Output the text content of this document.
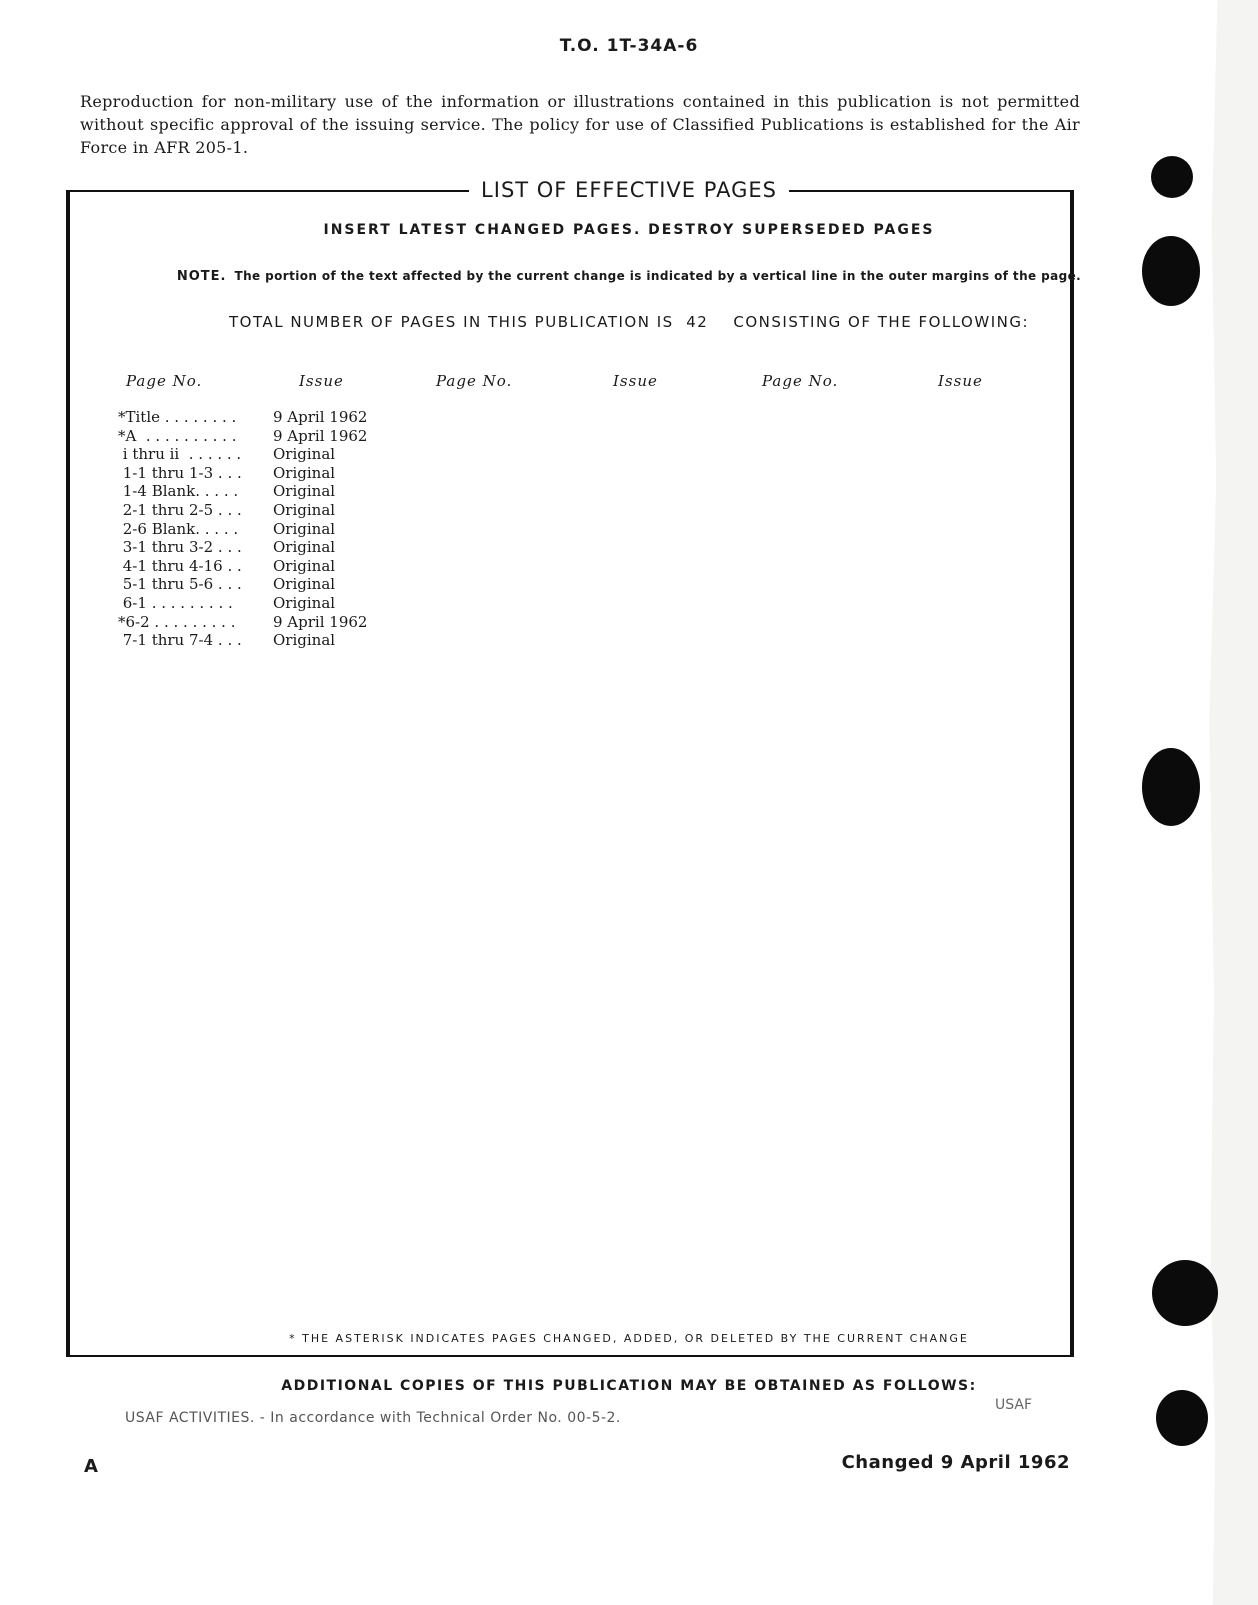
T.O. 1T-34A-6
Reproduction for non-military use of the information or illustrations contained in this publication is not permitted without specific approval of the issuing service. The policy for use of Classified Publications is established for the Air Force in AFR 205-1.
LIST OF EFFECTIVE PAGES
INSERT LATEST CHANGED PAGES. DESTROY SUPERSEDED PAGES
NOTE. The portion of the text affected by the current change is indicated by a vertical line in the outer margins of the page.
TOTAL NUMBER OF PAGES IN THIS PUBLICATION IS 42 CONSISTING OF THE FOLLOWING:
Page No.	Issue	Page No.	Issue	Page No.	Issue
*Title . . . . . . . . 9 April 1962
*A  . . . . . . . . . . 9 April 1962
i thru ii  . . . . . . Original
1-1 thru 1-3 . . . Original
1-4 Blank. . . . . Original
2-1 thru 2-5 . . . Original
2-6 Blank. . . . . Original
3-1 thru 3-2 . . . Original
4-1 thru 4-16 . . Original
5-1 thru 5-6 . . . Original
6-1 . . . . . . . . .	Original
*6-2 . . . . . . . . .	9 April 1962
7-1 thru 7-4 . . . Original
* THE ASTERISK INDICATES PAGES CHANGED, ADDED, OR DELETED BY THE CURRENT CHANGE
ADDITIONAL COPIES OF THIS PUBLICATION MAY BE OBTAINED AS FOLLOWS:
USAF ACTIVITIES. - In accordance with Technical Order No. 00-5-2.
USAF
A	Changed 9 April 1962
